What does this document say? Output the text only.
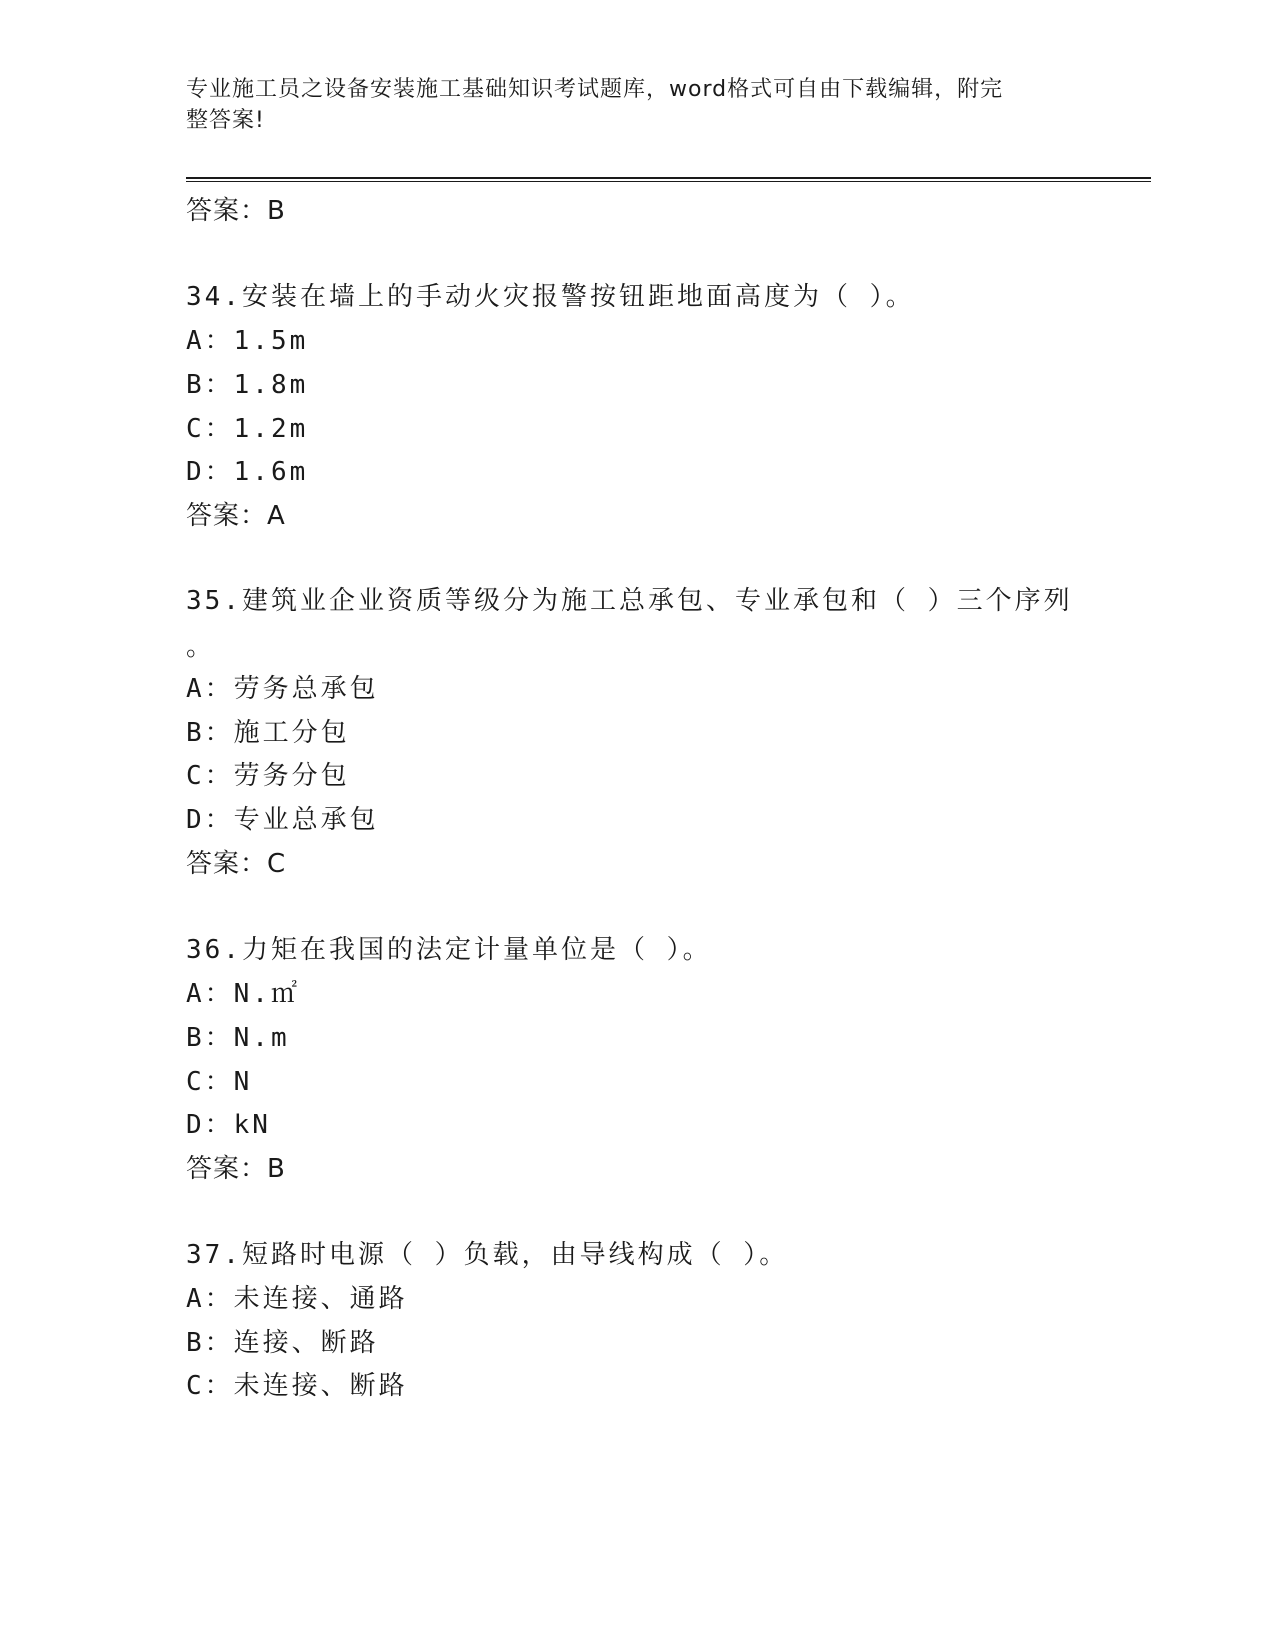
专业施工员之设备安装施工基础知识考试题库，word格式可自由下载编辑，附完
整答案!
答案：B
34.安装在墙上的手动火灾报警按钮距地面高度为（ ）。
A：1.5m
B：1.8m
C：1.2m
D：1.6m
答案：A
35.建筑业企业资质等级分为施工总承包、专业承包和（ ）三个序列
。
A：劳务总承包
B：施工分包
C：劳务分包
D：专业总承包
答案：C
36.力矩在我国的法定计量单位是（ ）。
A：N.㎡
B：N.m
C：N
D：kN
答案：B
37.短路时电源（ ）负载，由导线构成（ ）。
A：未连接、通路
B：连接、断路
C：未连接、断路
